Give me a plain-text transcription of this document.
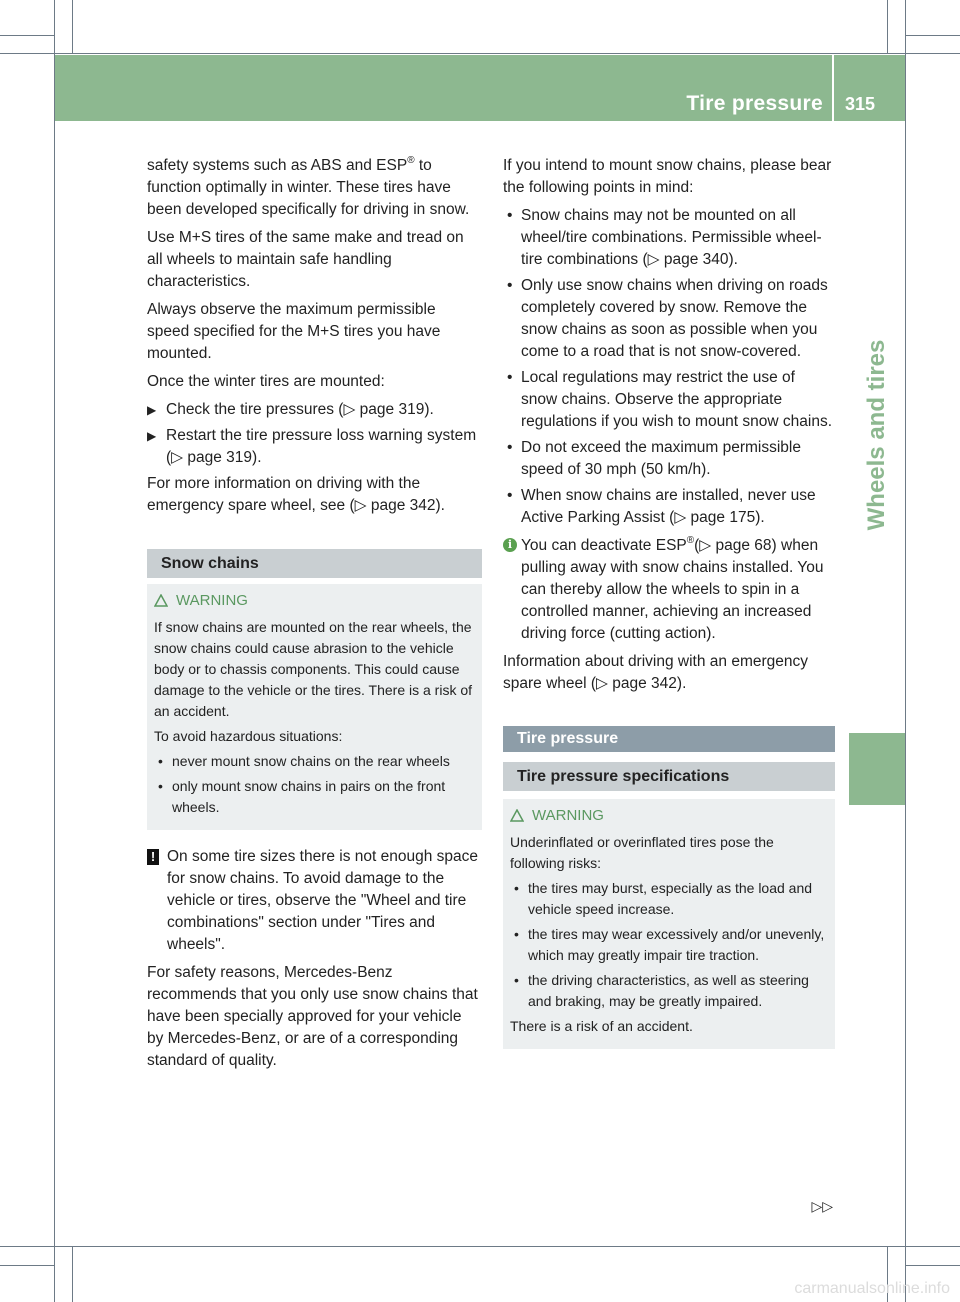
Tire pressure 315
Wheels and tires

safety systems such as ABS and ESP® to function optimally in winter. These tires have been developed specifically for driving in snow.

Use M+S tires of the same make and tread on all wheels to maintain safe handling characteristics.

Always observe the maximum permissible speed specified for the M+S tires you have mounted.

Once the winter tires are mounted:

▶ Check the tire pressures (▷ page 319).
▶ Restart the tire pressure loss warning system (▷ page 319).

For more information on driving with the emergency spare wheel, see (▷ page 342).

Snow chains

WARNING

If snow chains are mounted on the rear wheels, the snow chains could cause abrasion to the vehicle body or to chassis components. This could cause damage to the vehicle or the tires. There is a risk of an accident.

To avoid hazardous situations:

• never mount snow chains on the rear wheels
• only mount snow chains in pairs on the front wheels.

! On some tire sizes there is not enough space for snow chains. To avoid damage to the vehicle or tires, observe the "Wheel and tire combinations" section under "Tires and wheels".

For safety reasons, Mercedes-Benz recommends that you only use snow chains that have been specially approved for your vehicle by Mercedes-Benz, or are of a corresponding standard of quality.

If you intend to mount snow chains, please bear the following points in mind:

• Snow chains may not be mounted on all wheel/tire combinations. Permissible wheel-tire combinations (▷ page 340).
• Only use snow chains when driving on roads completely covered by snow. Remove the snow chains as soon as possible when you come to a road that is not snow-covered.
• Local regulations may restrict the use of snow chains. Observe the appropriate regulations if you wish to mount snow chains.
• Do not exceed the maximum permissible speed of 30 mph (50 km/h).
• When snow chains are installed, never use Active Parking Assist (▷ page 175).

i You can deactivate ESP®(▷ page 68) when pulling away with snow chains installed. You can thereby allow the wheels to spin in a controlled manner, achieving an increased driving force (cutting action).

Information about driving with an emergency spare wheel (▷ page 342).

Tire pressure
Tire pressure specifications

WARNING

Underinflated or overinflated tires pose the following risks:

• the tires may burst, especially as the load and vehicle speed increase.
• the tires may wear excessively and/or unevenly, which may greatly impair tire traction.
• the driving characteristics, as well as steering and braking, may be greatly impaired.

There is a risk of an accident.

▷▷
carmanualsonline.info
